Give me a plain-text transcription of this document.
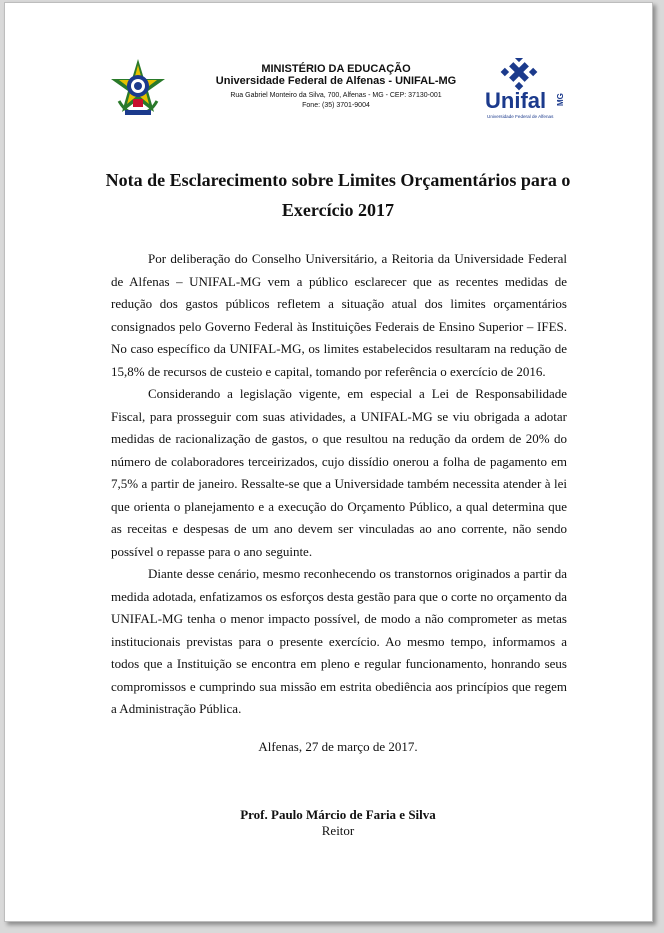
MINISTÉRIO DA EDUCAÇÃO
Universidade Federal de Alfenas - UNIFAL-MG
Rua Gabriel Monteiro da Silva, 700, Alfenas - MG - CEP: 37130-001
Fone: (35) 3701-9004	Unifal MG
Universidade Federal de Alfenas
Nota de Esclarecimento sobre Limites Orçamentários para o
Exercício 2017

Por deliberação do Conselho Universitário, a Reitoria da Universidade Federal de Alfenas – UNIFAL-MG vem a público esclarecer que as recentes medidas de redução dos gastos públicos refletem a situação atual dos limites orçamentários consignados pelo Governo Federal às Instituições Federais de Ensino Superior – IFES. No caso específico da UNIFAL-MG, os limites estabelecidos resultaram na redução de 15,8% de recursos de custeio e capital, tomando por referência o exercício de 2016.

Considerando a legislação vigente, em especial a Lei de Responsabilidade Fiscal, para prosseguir com suas atividades, a UNIFAL-MG se viu obrigada a adotar medidas de racionalização de gastos, o que resultou na redução da ordem de 20% do número de colaboradores terceirizados, cujo dissídio onerou a folha de pagamento em 7,5% a partir de janeiro. Ressalte-se que a Universidade também necessita atender à lei que orienta o planejamento e a execução do Orçamento Público, a qual determina que as receitas e despesas de um ano devem ser vinculadas ao ano corrente, não sendo possível o repasse para o ano seguinte.

Diante desse cenário, mesmo reconhecendo os transtornos originados a partir da medida adotada, enfatizamos os esforços desta gestão para que o corte no orçamento da UNIFAL-MG tenha o menor impacto possível, de modo a não comprometer as metas institucionais previstas para o presente exercício. Ao mesmo tempo, informamos a todos que a Instituição se encontra em pleno e regular funcionamento, honrando seus compromissos e cumprindo sua missão em estrita obediência aos princípios que regem a Administração Pública.

Alfenas, 27 de março de 2017.
Prof. Paulo Márcio de Faria e Silva
Reitor
